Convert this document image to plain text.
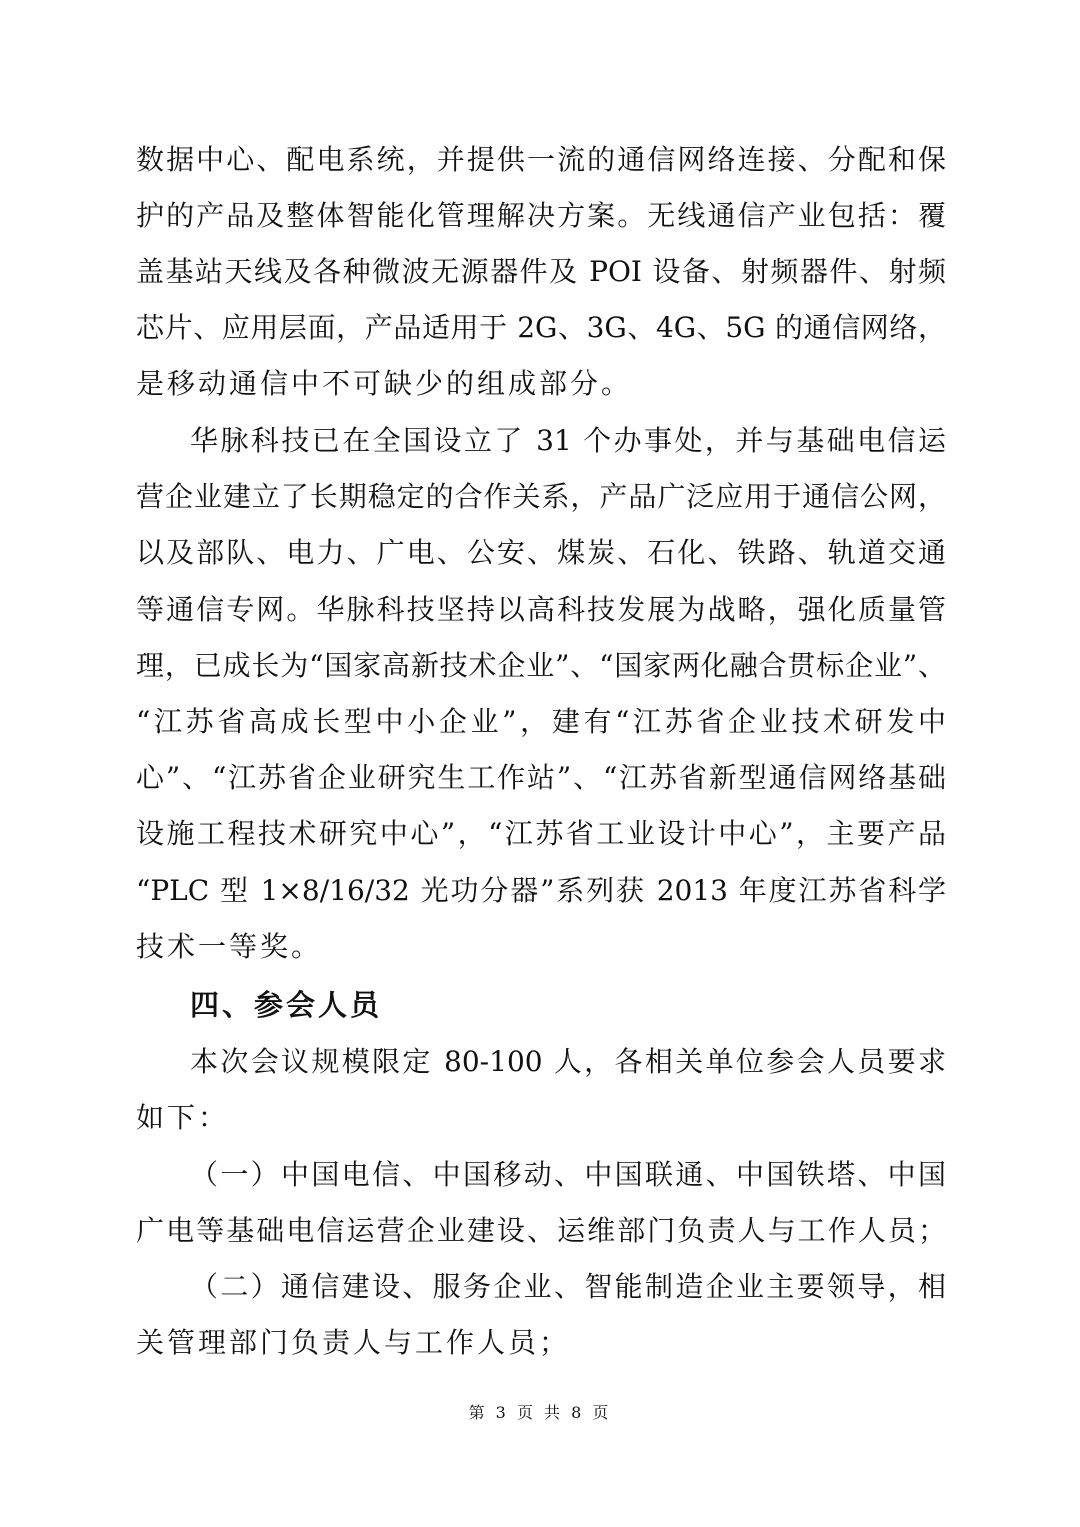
数据中心、配电系统，并提供一流的通信网络连接、分配和保
护的产品及整体智能化管理解决方案。无线通信产业包括：覆
盖基站天线及各种微波无源器件及 POI 设备、射频器件、射频
芯片、应用层面，产品适用于 2G、3G、4G、5G 的通信网络，
是移动通信中不可缺少的组成部分。
华脉科技已在全国设立了 31 个办事处，并与基础电信运
营企业建立了长期稳定的合作关系，产品广泛应用于通信公网，
以及部队、电力、广电、公安、煤炭、石化、铁路、轨道交通
等通信专网。华脉科技坚持以高科技发展为战略，强化质量管
理，已成长为“国家高新技术企业”、“国家两化融合贯标企业”、
“江苏省高成长型中小企业”，建有“江苏省企业技术研发中
心”、“江苏省企业研究生工作站”、“江苏省新型通信网络基础
设施工程技术研究中心”，“江苏省工业设计中心”，主要产品
“PLC 型 1×8/16/32 光功分器”系列获 2013 年度江苏省科学
技术一等奖。
四、参会人员
本次会议规模限定 80-100 人，各相关单位参会人员要求
如下：
（一）中国电信、中国移动、中国联通、中国铁塔、中国
广电等基础电信运营企业建设、运维部门负责人与工作人员；
（二）通信建设、服务企业、智能制造企业主要领导，相
关管理部门负责人与工作人员；
第 3 页 共 8 页
